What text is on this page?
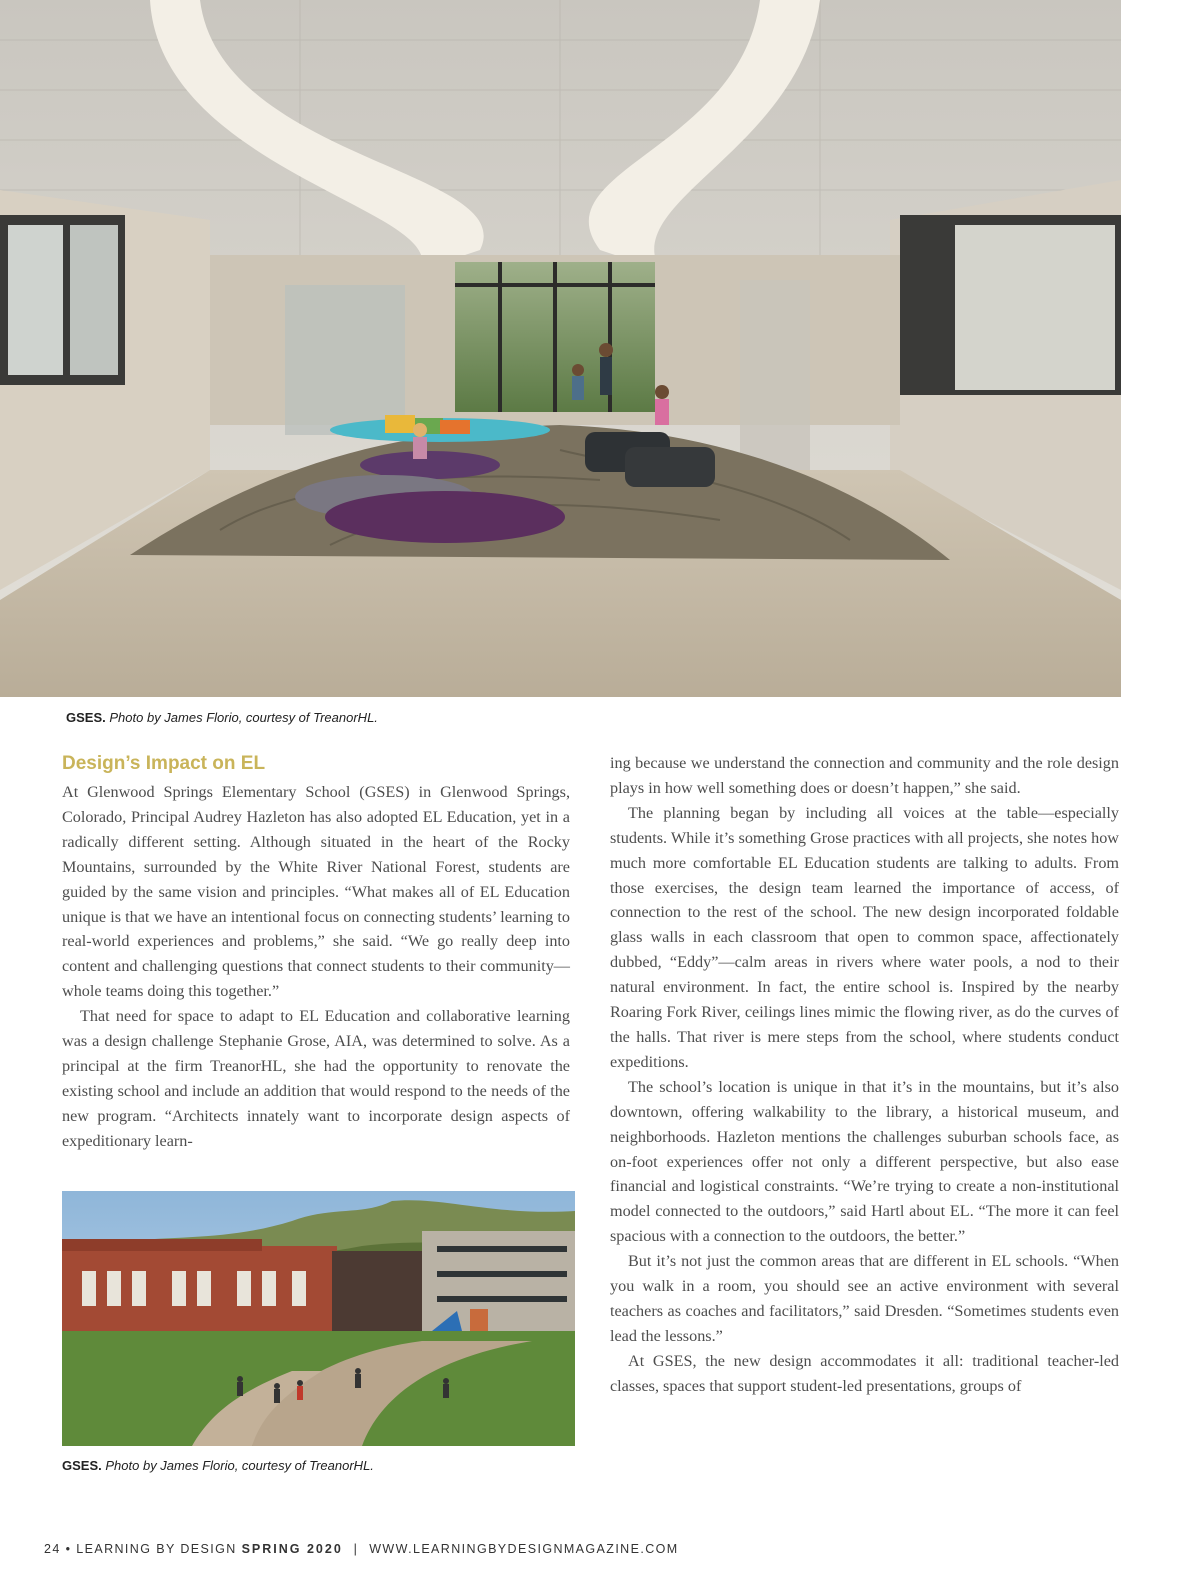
GSES. Photo by James Florio, courtesy of TreanorHL.
Design’s Impact on EL

At Glenwood Springs Elementary School (GSES) in Glenwood Springs, Colorado, Principal Audrey Hazleton has also adopted EL Education, yet in a radically different setting. Although situated in the heart of the Rocky Mountains, surrounded by the White River National Forest, students are guided by the same vision and principles. “What makes all of EL Education unique is that we have an intentional focus on connecting students’ learning to real-world experiences and problems,” she said. “We go really deep into content and challenging questions that connect students to their community—whole teams doing this together.”

That need for space to adapt to EL Education and collaborative learning was a design challenge Stephanie Grose, AIA, was determined to solve. As a principal at the firm TreanorHL, she had the opportunity to renovate the existing school and include an addition that would respond to the needs of the new program. “Architects innately want to incorporate design aspects of expeditionary learn-

ing because we understand the connection and community and the role design plays in how well something does or doesn’t happen,” she said.

The planning began by including all voices at the table—especially students. While it’s something Grose practices with all projects, she notes how much more comfortable EL Education students are talking to adults. From those exercises, the design team learned the importance of access, of connection to the rest of the school. The new design incorporated foldable glass walls in each classroom that open to common space, affectionately dubbed, “Eddy”—calm areas in rivers where water pools, a nod to their natural environment. In fact, the entire school is. Inspired by the nearby Roaring Fork River, ceilings lines mimic the flowing river, as do the curves of the halls. That river is mere steps from the school, where students conduct expeditions.

The school’s location is unique in that it’s in the mountains, but it’s also downtown, offering walkability to the library, a historical museum, and neighborhoods. Hazleton mentions the challenges suburban schools face, as on-foot experiences offer not only a different perspective, but also ease financial and logistical constraints. “We’re trying to create a non-institutional model connected to the outdoors,” said Hartl about EL. “The more it can feel spacious with a connection to the outdoors, the better.”

But it’s not just the common areas that are different in EL schools. “When you walk in a room, you should see an active environment with several teachers as coaches and facilitators,” said Dresden. “Sometimes students even lead the lessons.”

At GSES, the new design accommodates it all: traditional teacher-led classes, spaces that support student-led presentations, groups of

GSES. Photo by James Florio, courtesy of TreanorHL.
24 • LEARNING BY DESIGN SPRING 2020 | WWW.LEARNINGBYDESIGNMAGAZINE.COM
